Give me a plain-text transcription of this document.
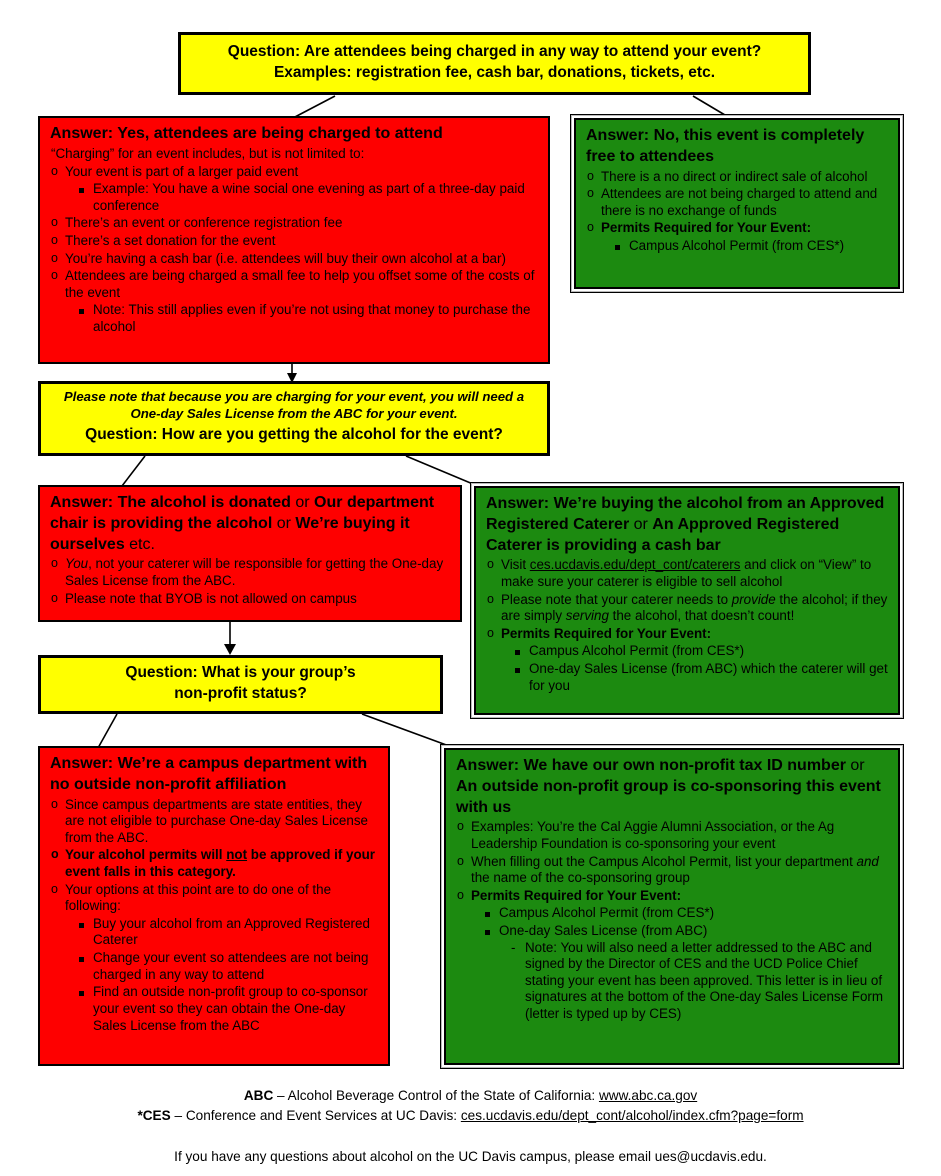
Question: Are attendees being charged in any way to attend your event?
Examples: registration fee, cash bar, donations, tickets, etc.
Answer: Yes, attendees are being charged to attend
“Charging” for an event includes, but is not limited to:
o Your event is part of a larger paid event
Example: You have a wine social one evening as part of a three-day paid conference
o There’s an event or conference registration fee
o There’s a set donation for the event
o You’re having a cash bar (i.e. attendees will buy their own alcohol at a bar)
o Attendees are being charged a small fee to help you offset some of the costs of the event
Note: This still applies even if you’re not using that money to purchase the alcohol
Answer: No, this event is completely free to attendees
o There is a no direct or indirect sale of alcohol
o Attendees are not being charged to attend and there is no exchange of funds
o Permits Required for Your Event:
Campus Alcohol Permit (from CES*)
Please note that because you are charging for your event, you will need a
One-day Sales License from the ABC for your event.
Question: How are you getting the alcohol for the event?
Answer: The alcohol is donated or Our department chair is providing the alcohol or We’re buying it ourselves etc.
o You, not your caterer will be responsible for getting the One-day Sales License from the ABC.
o Please note that BYOB is not allowed on campus
Answer: We’re buying the alcohol from an Approved Registered Caterer or An Approved Registered Caterer is providing a cash bar
o Visit ces.ucdavis.edu/dept_cont/caterers and click on “View” to make sure your caterer is eligible to sell alcohol
o Please note that your caterer needs to provide the alcohol; if they are simply serving the alcohol, that doesn’t count!
o Permits Required for Your Event:
Campus Alcohol Permit (from CES*)
One-day Sales License (from ABC) which the caterer will get for you
Question: What is your group’s
non-profit status?
Answer: We’re a campus department with no outside non-profit affiliation
o Since campus departments are state entities, they are not eligible to purchase One-day Sales License from the ABC.
o Your alcohol permits will not be approved if your event falls in this category.
o Your options at this point are to do one of the following:
Buy your alcohol from an Approved Registered Caterer
Change your event so attendees are not being charged in any way to attend
Find an outside non-profit group to co-sponsor your event so they can obtain the One-day Sales License from the ABC
Answer: We have our own non-profit tax ID number or An outside non-profit group is co-sponsoring this event with us
o Examples: You’re the Cal Aggie Alumni Association, or the Ag Leadership Foundation is co-sponsoring your event
o When filling out the Campus Alcohol Permit, list your department and the name of the co-sponsoring group
o Permits Required for Your Event:
Campus Alcohol Permit (from CES*)
One-day Sales License (from ABC)
- Note: You will also need a letter addressed to the ABC and signed by the Director of CES and the UCD Police Chief stating your event has been approved. This letter is in lieu of signatures at the bottom of the One-day Sales License Form (letter is typed up by CES)
ABC – Alcohol Beverage Control of the State of California: www.abc.ca.gov
*CES – Conference and Event Services at UC Davis: ces.ucdavis.edu/dept_cont/alcohol/index.cfm?page=form
If you have any questions about alcohol on the UC Davis campus, please email ues@ucdavis.edu.
